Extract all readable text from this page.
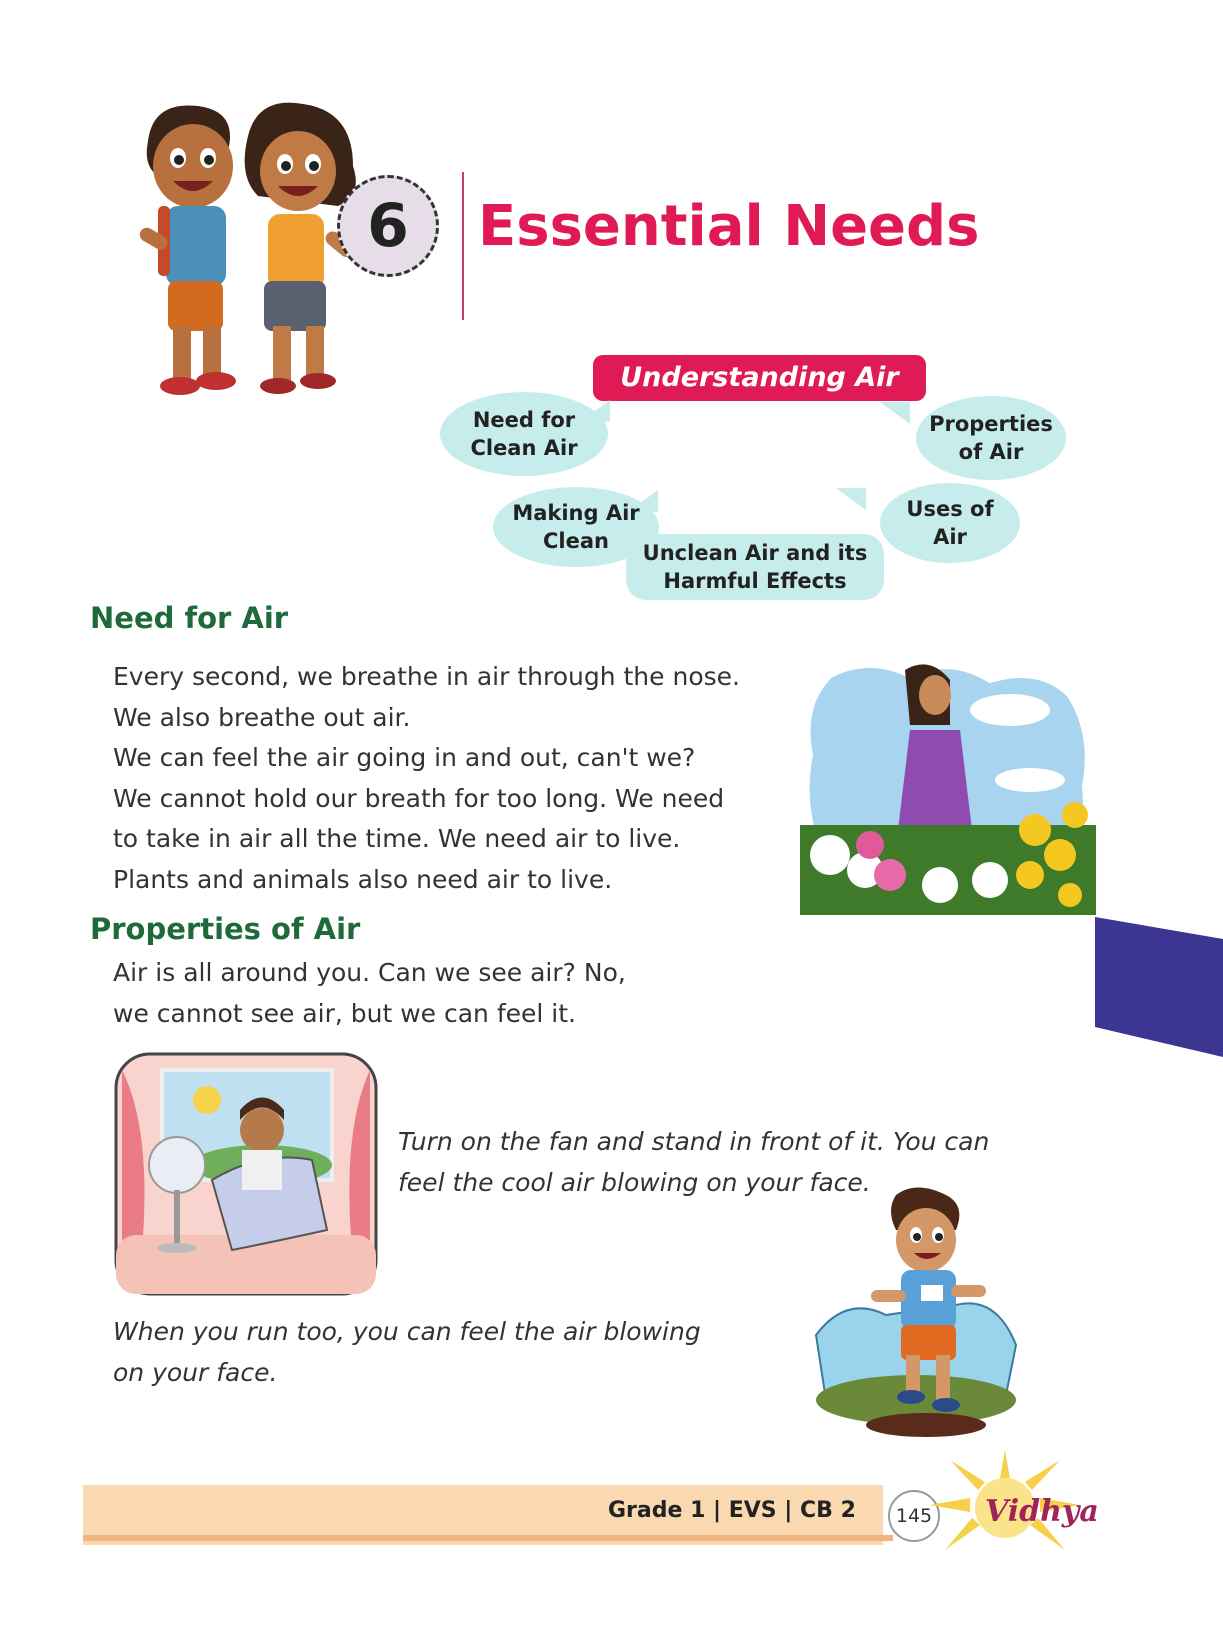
6	Essential Needs
Understanding Air
Need for
Clean Air
Properties
of Air
Making Air
Clean
Uses of
Air
Unclean Air and its
Harmful Effects
Need for Air
Every second, we breathe in air through the nose.
We also breathe out air.
We can feel the air going in and out, can't we?
We cannot hold our breath for too long. We need
to take in air all the time. We need air to live.
Plants and animals also need air to live.
Properties of Air
Air is all around you. Can we see air? No,
we cannot see air, but we can feel it.
Turn on the fan and stand in front of it. You can
feel the cool air blowing on your face.
When you run too, you can feel the air blowing
on your face.
Grade 1 | EVS | CB 2	145 Vidhya
